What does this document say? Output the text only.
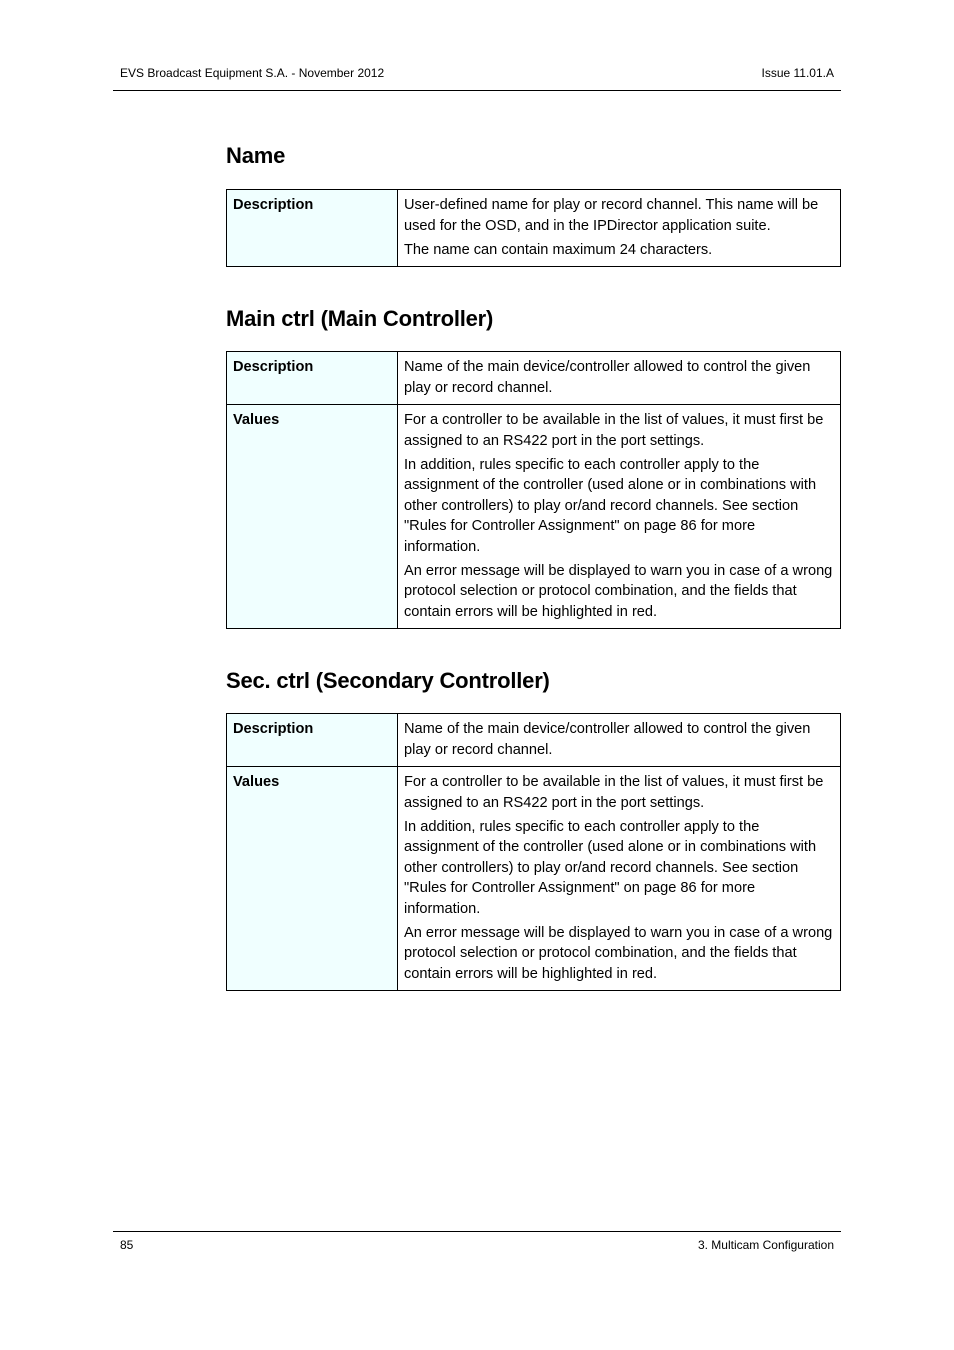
EVS Broadcast Equipment S.A. - November 2012	Issue 11.01.A
Name
Description	User-defined name for play or record channel. This name will be used for the OSD, and in the IPDirector application suite.

The name can contain maximum 24 characters.

Main ctrl (Main Controller)
Description	Name of the main device/controller allowed to control the given play or record channel.

Values	For a controller to be available in the list of values, it must first be assigned to an RS422 port in the port settings.

In addition, rules specific to each controller apply to the assignment of the controller (used alone or in combinations with other controllers) to play or/and record channels. See section "Rules for Controller Assignment" on page 86 for more information.

An error message will be displayed to warn you in case of a wrong protocol selection or protocol combination, and the fields that contain errors will be highlighted in red.

Sec. ctrl (Secondary Controller)
Description	Name of the main device/controller allowed to control the given play or record channel.

Values	For a controller to be available in the list of values, it must first be assigned to an RS422 port in the port settings.

In addition, rules specific to each controller apply to the assignment of the controller (used alone or in combinations with other controllers) to play or/and record channels. See section "Rules for Controller Assignment" on page 86 for more information.

An error message will be displayed to warn you in case of a wrong protocol selection or protocol combination, and the fields that contain errors will be highlighted in red.

85	3. Multicam Configuration
